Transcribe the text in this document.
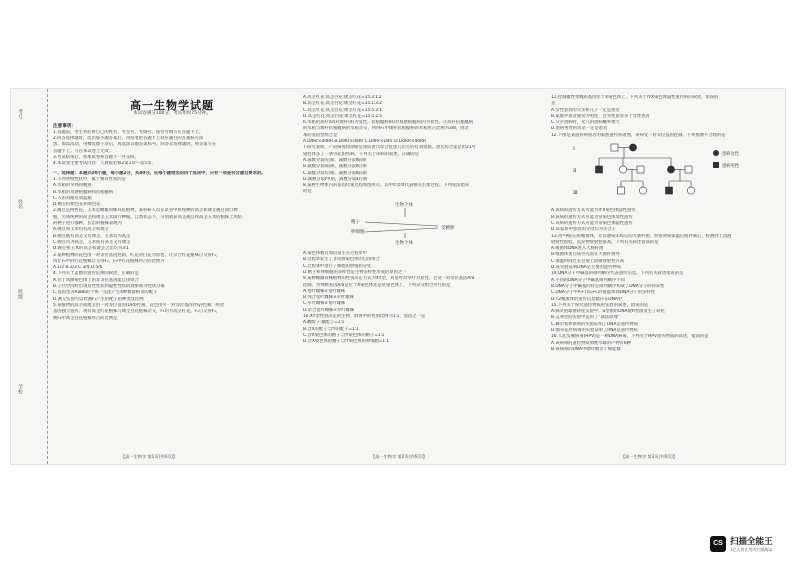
考号
姓名
班级
学校
高一生物学试题
本试卷满分100分，考试用时75分钟。
注意事项：
1.答题前，考生务必将自己的姓名、考生号、考场号、座位号填写在答题卡上。
2.回答选择题时，选出每小题答案后，用铅笔把答题卡上对应题目的答案标号涂
黑。如需改动，用橡皮擦干净后，再选涂其他答案标号。回答非选择题时，将答案写在
答题卡上。写在本试卷上无效。
3.考试结束后，将本试卷和答题卡一并交回。
4.本试卷主要考试内容：人教版必修2第1章～第5章。
一、选择题：本题共20小题，每小题2分，共40分。在每小题给出的四个选项中，只有一项是符合题目要求的。
1.下列各组性状中，属于相对性状的是
A.水稻的早熟和晚熟
B.水稻的易感稻瘟病和抗稻瘟病
C.人的双眼皮和蓝眼
D.豌豆的紫色花和黄色花
2.豌豆是两性花，玉米是雌雄同株异花植物。某科研人员在试管中将纯种的高茎和矮茎豌豆间行种
植，另将纯种的高茎和矮茎玉米间行种植。自然状态下，分别收获高茎豌豆和高茎玉米的植株上所结
的种子进行播种，长出的植株表现为
A.豌豆和玉米均有高茎和矮茎
B.豌豆既有高茎又有矮茎，玉米均为高茎
C.豌豆均为高茎，玉米既有高茎又有矮茎
D.豌豆和玉米的高茎和矮茎之比均为3∶1
3.某种植物的花色由一对等位基因控制，红花对白花为显性。让杂合红花植株自交得F₁，
再让F₁中的红花植株自交得F₂，F₂中红花植株所占的比例为
A.1/2 B.2/3 C.3/4 D.5/6
4.下列关于孟德尔遗传定律的叙述，正确的是
A.位于同源染色体上的非等位基因能自由组合
B.子代中同时出现显性性状和隐性性状的现象称为性状分离
C.基因型为AaBb的个体一定能产生4种数量相等的配子
D.测交实验可以检测F₁产生的配子的种类及比例
5.某植物的高茎和矮茎由一对等位基因(D/d)控制，花色由另一对等位基因(Y/y)控制，两对
基因独立遗传。现有高茎红花植株与矮茎白花植株杂交，F₁均为高茎红花，F₁自交得F₂，
则F₂中高茎白花植株所占的比例是
【高一生物学 第1页(共6页)】
A.高茎红花∶高茎白花∶矮茎红花=15∶3∶1∶2
B.高茎红花∶高茎白花∶矮茎红花=15∶1∶3∶2
C.高茎红花∶高茎白花∶矮茎红花=15∶5∶3∶1
D.高茎红花∶高茎白花∶矮茎红花=15∶1∶1∶5
6.水稻的高秆(D)对矮秆(d)为显性，抗稻瘟病(R)对易感稻瘟病(r)为显性。让高秆抗稻瘟病
的水稻与矮秆抗稻瘟病的水稻杂交，所得F₁中矮秆抗稻瘟病的水稻所占比例为3/8，则亲
本的基因型组合是
A.DdRr×ddRR B.DdRr×ddRr C.DdRr×Ddrr D.DdRR×ddRR
7.研究表明，产前筛查和诊断是预防唐氏综合征患儿出生的有效措施。唐氏综合征是由21号
染色体多了一条引起的疾病。下列关于该病的叙述，正确的是
A.减数分裂Ⅰ后期，减数分裂Ⅱ前期
B.减数分裂Ⅰ前期，减数分裂Ⅱ后期
C.减数分裂Ⅰ后期，减数分裂Ⅱ前期
D.减数分裂Ⅰ中期，减数分裂Ⅱ后期
8.某种生物体内的基因传递过程如图所示，其中①②③代表相关生理过程。下列说法错误
的是
生物个体
精子
卵细胞
受精卵
生物个体
A.染色体数目加倍发生在过程①中
B.过程②发生了非同源染色体的自由组合
C.过程③中进行了细胞的增殖和分化
D.精子和卵细胞的多样性是生物多样性形成的原因之一
9.某种雌雄异株植物的性别决定方式为XY型，其宽叶对窄叶为显性，且受一对等位基因A/a
控制。为判断基因A/a是位于X染色体还是常染色体上，下列杂交组合可行的是
A.宽叶雌株×宽叶雄株
B.纯合宽叶雌株×窄叶雄株
C.窄叶雌株×宽叶雄株
D.杂合宽叶雌株×窄叶雄株
10.XY型性别决定的生物，群体中的性别比例为1∶1，原因之一是
A.雌配子∶雄配子=1∶1
B.含X的配子∶含Y的配子=1∶1
C.含X染色体的精子∶含Y染色体的精子=1∶1
D.含X染色体的精子∶含Y染色体的卵细胞=1∶1
【高一生物学 第2页(共6页)】
11.控制雄性果蝇的基因位于X染色体上，下列关于伴X染色体隐性遗传病的叙述，错误的
是
A.女性患者的父亲和儿子一定是患者
B.家族中患者通常为男性，且男性患者多于女性患者
C.父亲患病时，女儿的患病概率增大
D.患病男性的母亲一定是患者
12.下图是某遗传病患者的家族遗传系谱图，该病受一对等位基因控制。下列推测不合理的是
Ⅰ
Ⅱ
Ⅲ
患病女性
患病男性
A.该病的遗传方式可能为伴X染色体隐性遗传
B.该病的遗传方式可能为常染色体显性遗传
C.该病的遗传方式可能为常染色体隐性遗传
D.该家系中患者的父母均为杂合子
13.用³²P标记的噬菌体，让其感染未标记的大肠杆菌，经短时间保温后搅拌离心，检测到上清液
放射性很低，沉淀物放射性很高。下列有关叙述错误的是
A.噬菌体DNA进入大肠杆菌
B.噬菌体蛋白质外壳留在大肠杆菌外
C.保温时间过长会使上清液放射性升高
D.该实验证明DNA是主要的遗传物质
14.DNA分子中碱基的排列顺序代表遗传信息。下列有关叙述错误的是
A.不同的DNA分子中碱基排列顺序不同
B.DNA分子中碱基的特定排列顺序构成了DNA分子的特异性
C.DNA分子中A+T/G+C的值能体现DNA分子的多样性
D.T2噬菌体的遗传信息储存在DNA中
15.下列关于探究遗传物质的实验的叙述，错误的是
A.肺炎链球菌转化实验中，S型菌的DNA使R型菌发生了转化
B.艾弗里的实验中运用了“减法原理”
C.赫尔希和蔡斯的实验证明了DNA是遗传物质
D.烟草花叶病毒的实验证明了RNA是遗传物质
16.人乳头瘤病毒(HPV)是一种DNA病毒，下列关于HPV遗传物质的叙述，错误的是
A.该病毒的遗传物质彻底水解的产物有6种
B.该病毒的DNA中嘌呤数等于嘧啶数
【高一生物学 第3页(共6页)】
CS 扫描全能王
3亿人都在用的扫描App
